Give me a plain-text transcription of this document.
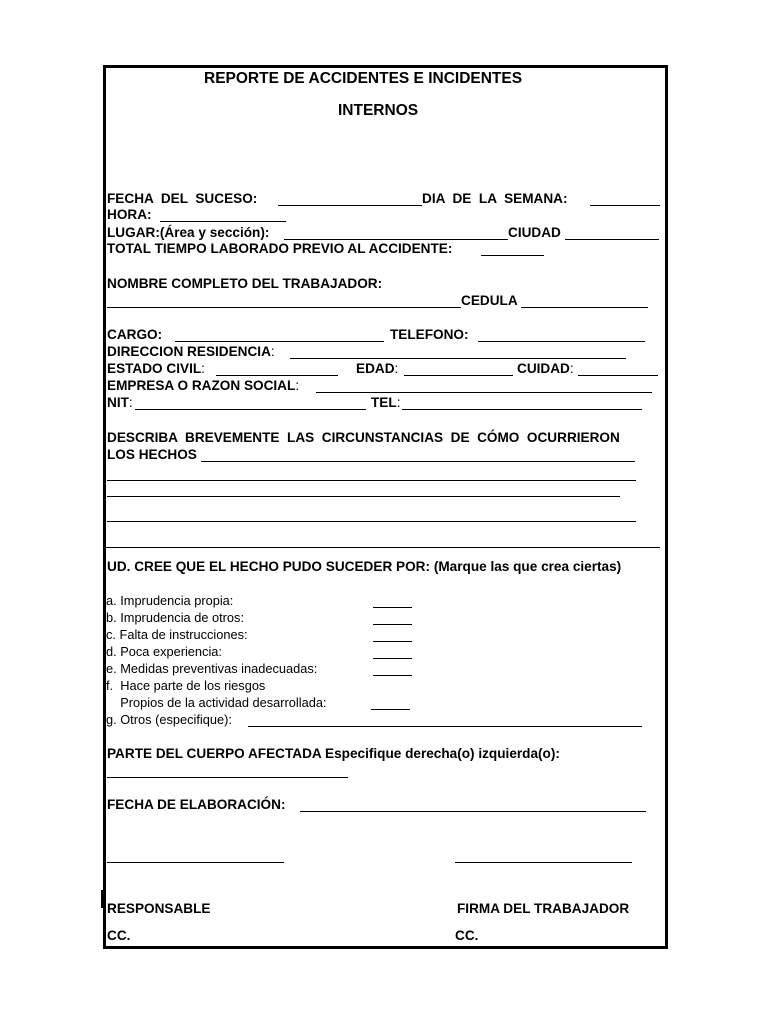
REPORTE DE ACCIDENTES E INCIDENTES
INTERNOS
FECHA  DEL  SUCESO:	DIA  DE  LA  SEMANA:
HORA:
LUGAR:(Área y sección):	CIUDAD
TOTAL TIEMPO LABORADO PREVIO AL ACCIDENTE:
NOMBRE COMPLETO DEL TRABAJADOR:
CEDULA
CARGO:	TELEFONO:
DIRECCION RESIDENCIA:
ESTADO CIVIL:	EDAD:	CUIDAD:
EMPRESA O RAZON SOCIAL:
NIT:	TEL:
DESCRIBA  BREVEMENTE  LAS  CIRCUNSTANCIAS  DE  CÓMO  OCURRIERON
LOS HECHOS
UD. CREE QUE EL HECHO PUDO SUCEDER POR: (Marque las que crea ciertas)
a. Imprudencia propia:
b. Imprudencia de otros:
c. Falta de instrucciones:
d. Poca experiencia:
e. Medidas preventivas inadecuadas:
f.  Hace parte de los riesgos
Propios de la actividad desarrollada:
g. Otros (especifique):
PARTE DEL CUERPO AFECTADA Especifique derecha(o) izquierda(o):
FECHA DE ELABORACIÓN:
RESPONSABLE	FIRMA DEL TRABAJADOR
CC.	CC.
